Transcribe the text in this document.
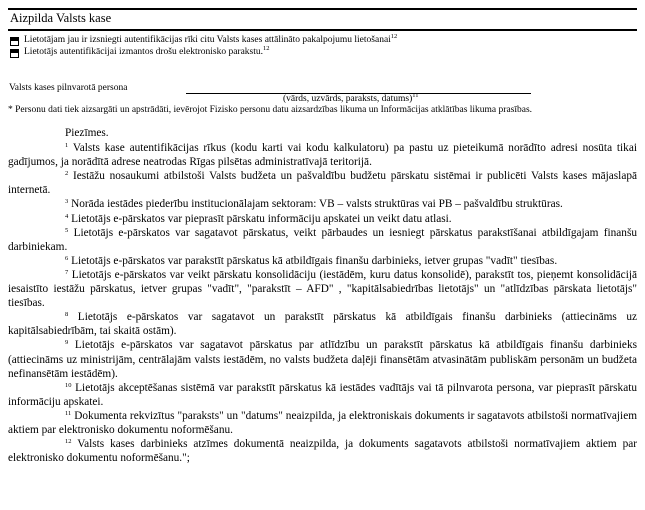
Aizpilda Valsts kase
Lietotājam jau ir izsniegti autentifikācijas rīki citu Valsts kases attālināto pakalpojumu lietošanai$^{12}$
Lietotājs autentifikācijai izmantos drošu elektronisko parakstu.$^{12}$
Valsts kases pilnvarotā persona
(vārds, uzvārds, paraksts, datums)$^{11}$
* Personu dati tiek aizsargāti un apstrādāti, ievērojot Fizisko personu datu aizsardzības likuma un Informācijas atklātības likuma prasības.

Piezīmes.

$^1$ Valsts kase autentifikācijas rīkus (kodu karti vai kodu kalkulatoru) pa pastu uz pieteikumā norādīto adresi nosūta tikai gadījumos, ja norādītā adrese neatrodas Rīgas pilsētas administratīvajā teritorijā.

$^2$ Iestāžu nosaukumi atbilstoši Valsts budžeta un pašvaldību budžetu pārskatu sistēmai ir publicēti Valsts kases mājaslapā internetā.

$^3$ Norāda iestādes piederību institucionālajam sektoram: VB – valsts struktūras vai PB – pašvaldību struktūras.

$^4$ Lietotājs e-pārskatos var pieprasīt pārskatu informāciju apskatei un veikt datu atlasi.

$^5$ Lietotājs e-pārskatos var sagatavot pārskatus, veikt pārbaudes un iesniegt pārskatus parakstīšanai atbildīgajam finanšu darbiniekam.

$^6$ Lietotājs e-pārskatos var parakstīt pārskatus kā atbildīgais finanšu darbinieks, ietver grupas "vadīt" tiesības.

$^7$ Lietotājs e-pārskatos var veikt pārskatu konsolidāciju (iestādēm, kuru datus konsolidē), parakstīt tos, pieņemt konsolidācijā iesaistīto iestāžu pārskatus, ietver grupas "vadīt", "parakstīt – AFD" , "kapitālsabiedrības lietotājs" un "atlīdzības pārskata lietotājs" tiesības.

$^8$ Lietotājs e-pārskatos var sagatavot un parakstīt pārskatus kā atbildīgais finanšu darbinieks (attiecināms uz kapitālsabiedrībām, tai skaitā ostām).

$^9$ Lietotājs e-pārskatos var sagatavot pārskatus par atlīdzību un parakstīt pārskatus kā atbildīgais finanšu darbinieks (attiecināms uz ministrijām, centrālajām valsts iestādēm, no valsts budžeta daļēji finansētām atvasinātām publiskām personām un budžeta nefinansētām iestādēm).

$^{10}$ Lietotājs akceptēšanas sistēmā var parakstīt pārskatus kā iestādes vadītājs vai tā pilnvarota persona, var pieprasīt pārskatu informāciju apskatei.

$^{11}$ Dokumenta rekvizītus "paraksts" un "datums" neaizpilda, ja elektroniskais dokuments ir sagatavots atbilstoši normatīvajiem aktiem par elektronisko dokumentu noformēšanu.

$^{12}$ Valsts kases darbinieks atzīmes dokumentā neaizpilda, ja dokuments sagatavots atbilstoši normatīvajiem aktiem par elektronisko dokumentu noformēšanu.";
